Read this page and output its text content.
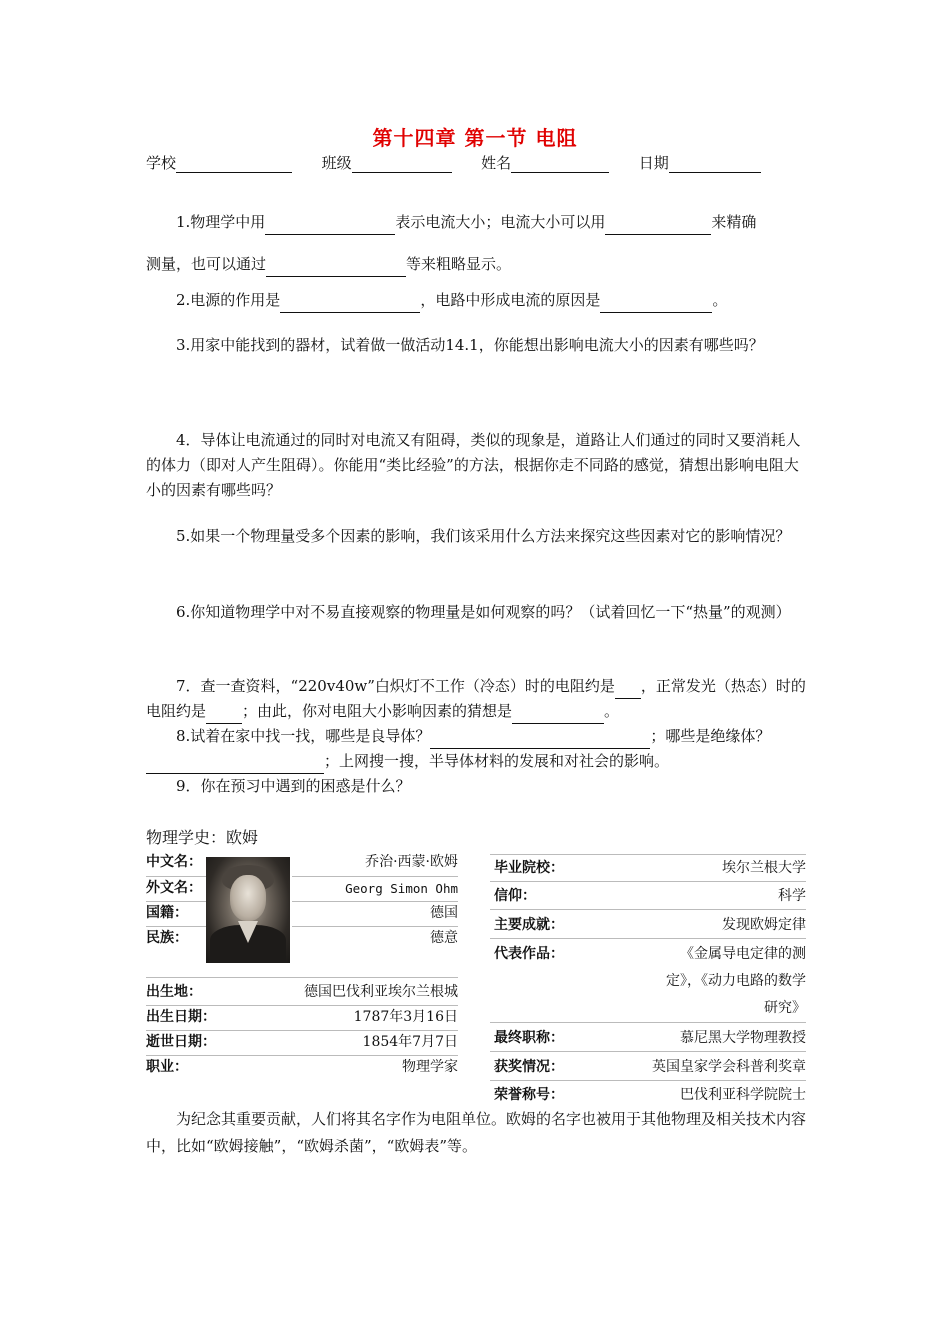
第十四章 第一节 电阻
学校	班级	姓名	日期

1.物理学中用	表示电流大小；电流大小可以用	来精确

测量，也可以通过	等来粗略显示。

2.电源的作用是	，电路中形成电流的原因是	。

3.用家中能找到的器材，试着做一做活动14.1，你能想出影响电流大小的因素有哪些吗？

4．导体让电流通过的同时对电流又有阻碍，类似的现象是，道路让人们通过的同时又要消耗人的体力（即对人产生阻碍）。你能用“类比经验”的方法，根据你走不同路的感觉，猜想出影响电阻大小的因素有哪些吗？

5.如果一个物理量受多个因素的影响，我们该采用什么方法来探究这些因素对它的影响情况？

6.你知道物理学中对不易直接观察的物理量是如何观察的吗？（试着回忆一下“热量”的观测）

7．查一查资料，“220v40w”白炽灯不工作（冷态）时的电阻约是 ，正常发光（热态）时的电阻约是 ；由此，你对电阻大小影响因素的猜想是	。

8.试着在家中找一找，哪些是良导体？	；哪些是绝缘体？；上网搜一搜，半导体材料的发展和对社会的影响。

9．你在预习中遇到的困惑是什么？

物理学史：欧姆
中文名：	乔治·西蒙·欧姆
外文名：	Georg Simon Ohm
国籍：	德国
民族：	德意
出生地：	德国巴伐利亚埃尔兰根城
出生日期：	1787年3月16日
逝世日期：	1854年7月7日
职业：	物理学家
毕业院校：	埃尔兰根大学
信仰：	科学
主要成就：	发现欧姆定律
代表作品：	《金属导电定律的测
定》，《动力电路的数学
研究》
最终职称：	慕尼黑大学物理教授
获奖情况：	英国皇家学会科普利奖章
荣誉称号：	巴伐利亚科学院院士

为纪念其重要贡献，人们将其名字作为电阻单位。欧姆的名字也被用于其他物理及相关技术内容中，比如“欧姆接触”，“欧姆杀菌”，“欧姆表”等。
